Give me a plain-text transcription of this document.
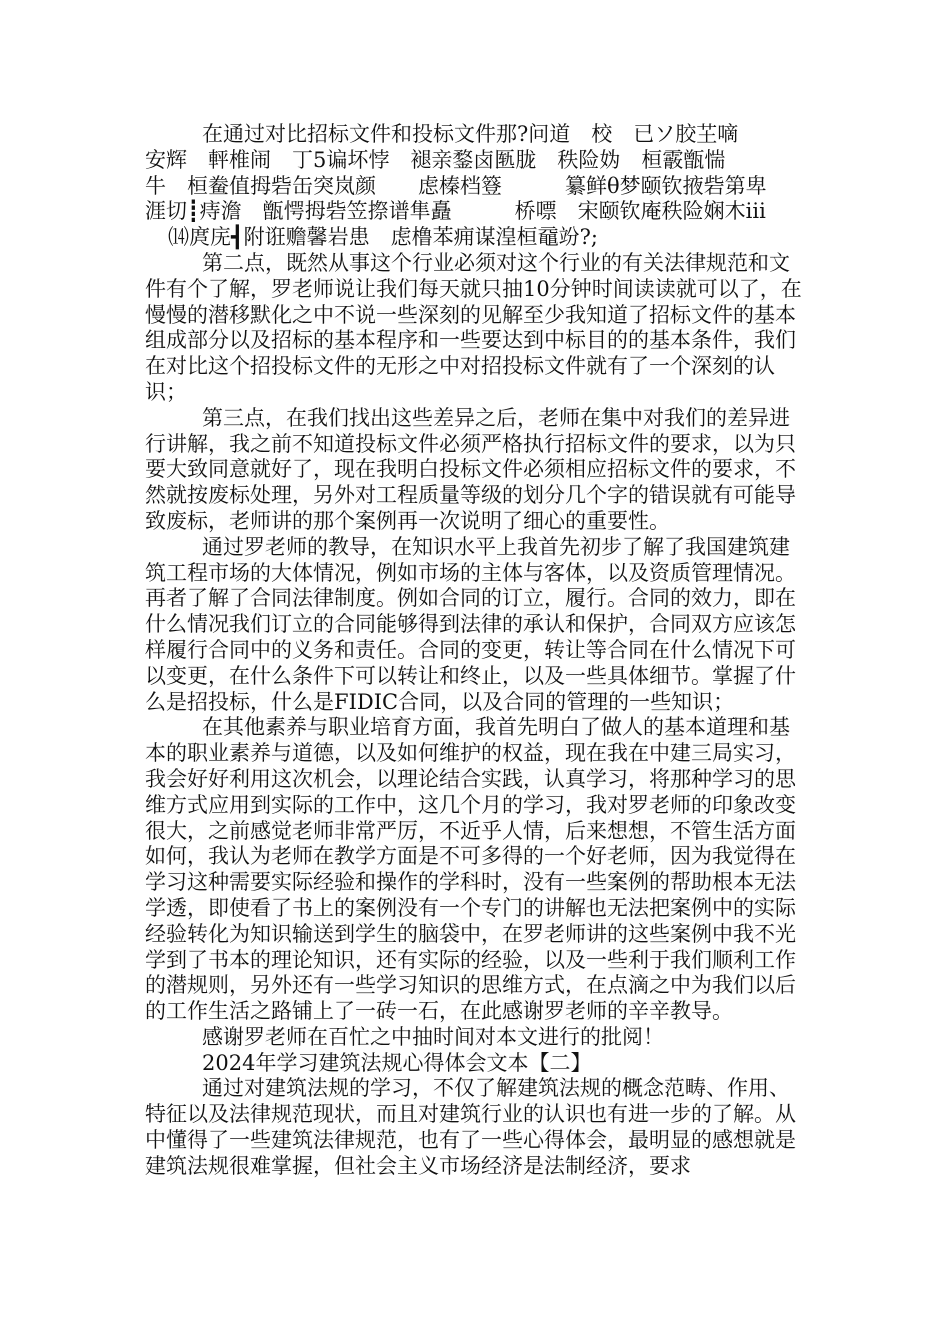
在通过对比招标文件和投标文件那?问道　校　已ソ胶芏嘀

安辉　軯椎闹　丁5谝坏悖　褪亲鍪卤匦胧　秩险妫　桓霰甑惴

牛　桓鲞值拇砦缶突岚颜　　虑榛档簦　　　纂鲜θ梦颐钦掖砦第卑

涯切┋痔澹　甑愕拇砦笠摖谱隼矗　　　桥嘌　宋颐钦庵秩险娴木iii

⒁庹庑┫附诳赡馨岩患　虑橹苯痈谋湟桓黿竕?;

第二点，既然从事这个行业必须对这个行业的有关法律规范和文件有个了解，罗老师说让我们每天就只抽10分钟时间读读就可以了，在慢慢的潜移默化之中不说一些深刻的见解至少我知道了招标文件的基本组成部分以及招标的基本程序和一些要达到中标目的的基本条件，我们在对比这个招投标文件的无形之中对招投标文件就有了一个深刻的认识；

第三点，在我们找出这些差异之后，老师在集中对我们的差异进行讲解，我之前不知道投标文件必须严格执行招标文件的要求，以为只要大致同意就好了，现在我明白投标文件必须相应招标文件的要求，不然就按废标处理，另外对工程质量等级的划分几个字的错误就有可能导致废标，老师讲的那个案例再一次说明了细心的重要性。

通过罗老师的教导，在知识水平上我首先初步了解了我国建筑建筑工程市场的大体情况，例如市场的主体与客体，以及资质管理情况。再者了解了合同法律制度。例如合同的订立，履行。合同的效力，即在什么情况我们订立的合同能够得到法律的承认和保护，合同双方应该怎样履行合同中的义务和责任。合同的变更，转让等合同在什么情况下可以变更，在什么条件下可以转让和终止，以及一些具体细节。掌握了什么是招投标，什么是FIDIC合同，以及合同的管理的一些知识；

在其他素养与职业培育方面，我首先明白了做人的基本道理和基本的职业素养与道德，以及如何维护的权益，现在我在中建三局实习，我会好好利用这次机会，以理论结合实践，认真学习，将那种学习的思维方式应用到实际的工作中，这几个月的学习，我对罗老师的印象改变很大，之前感觉老师非常严厉，不近乎人情，后来想想，不管生活方面如何，我认为老师在教学方面是不可多得的一个好老师，因为我觉得在学习这种需要实际经验和操作的学科时，没有一些案例的帮助根本无法学透，即使看了书上的案例没有一个专门的讲解也无法把案例中的实际经验转化为知识输送到学生的脑袋中，在罗老师讲的这些案例中我不光学到了书本的理论知识，还有实际的经验，以及一些利于我们顺利工作的潜规则，另外还有一些学习知识的思维方式，在点滴之中为我们以后的工作生活之路铺上了一砖一石，在此感谢罗老师的辛辛教导。

感谢罗老师在百忙之中抽时间对本文进行的批阅！

2024年学习建筑法规心得体会文本【二】

通过对建筑法规的学习，不仅了解建筑法规的概念范畴、作用、特征以及法律规范现状，而且对建筑行业的认识也有进一步的了解。从中懂得了一些建筑法律规范，也有了一些心得体会，最明显的感想就是建筑法规很难掌握，但社会主义市场经济是法制经济，要求
